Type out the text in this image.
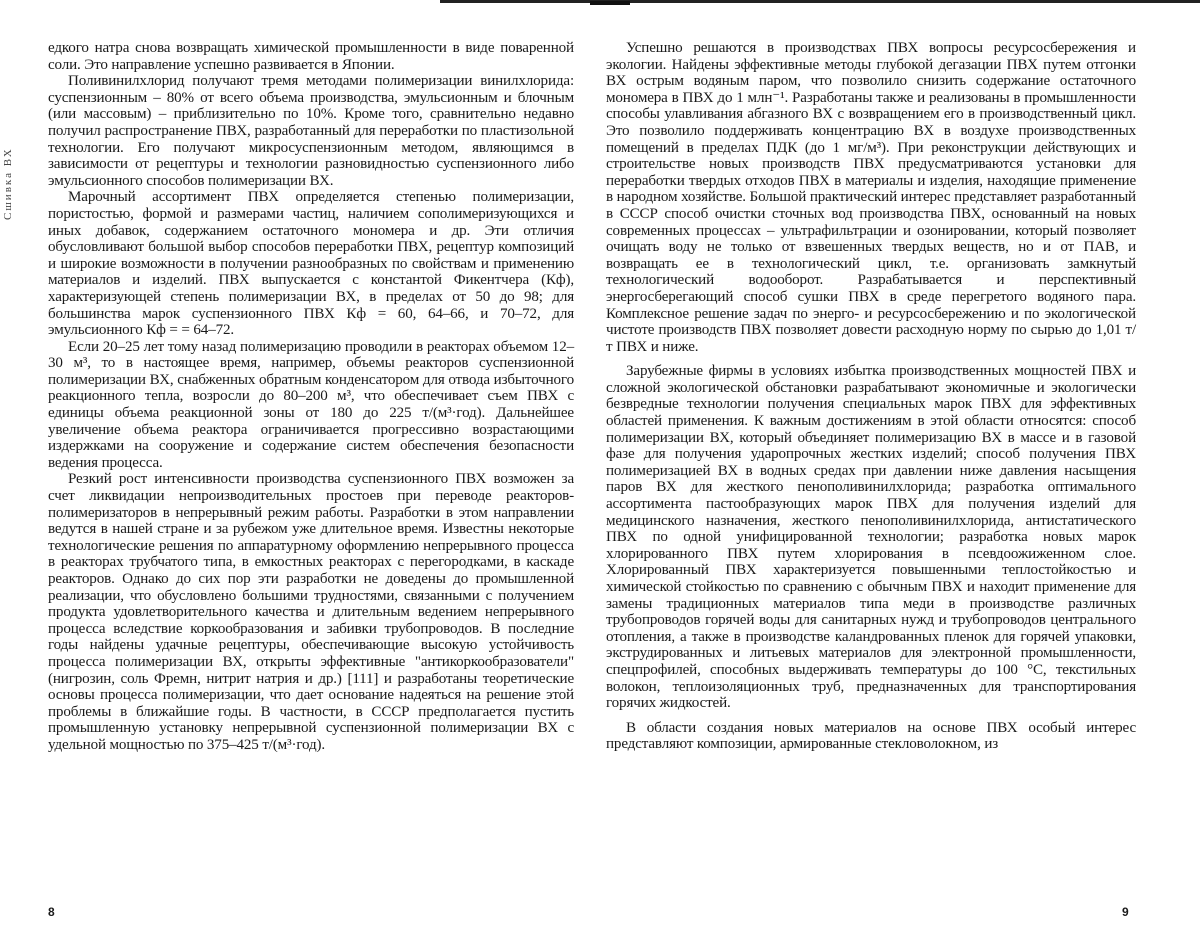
Сшивка ВХ

едкого натра снова возвращать химической промышленности в виде поваренной соли. Это направление успешно развивается в Японии.

Поливинилхлорид получают тремя методами полимеризации винилхлорида: суспензионным – 80% от всего объема производства, эмульсионным и блочным (или массовым) – приблизительно по 10%. Кроме того, сравнительно недавно получил распространение ПВХ, разработанный для переработки по пластизольной технологии. Его получают микросуспензионным методом, являющимся в зависимости от рецептуры и технологии разновидностью суспензионного либо эмульсионного способов полимеризации ВХ.

Марочный ассортимент ПВХ определяется степенью полимеризации, пористостью, формой и размерами частиц, наличием сополимеризующихся и иных добавок, содержанием остаточного мономера и др. Эти отличия обусловливают большой выбор способов переработки ПВХ, рецептур композиций и широкие возможности в получении разнообразных по свойствам и применению материалов и изделий. ПВХ выпускается с константой Фикентчера (Кф), характеризующей степень полимеризации ВХ, в пределах от 50 до 98; для большинства марок суспензионного ПВХ Кф = 60, 64–66, и 70–72, для эмульсионного Кф = = 64–72.

Если 20–25 лет тому назад полимеризацию проводили в реакторах объемом 12–30 м³, то в настоящее время, например, объемы реакторов суспензионной полимеризации ВХ, снабженных обратным конденсатором для отвода избыточного реакционного тепла, возросли до 80–200 м³, что обеспечивает съем ПВХ с единицы объема реакционной зоны от 180 до 225 т/(м³·год). Дальнейшее увеличение объема реактора ограничивается прогрессивно возрастающими издержками на сооружение и содержание систем обеспечения безопасности ведения процесса.

Резкий рост интенсивности производства суспензионного ПВХ возможен за счет ликвидации непроизводительных простоев при переводе реакторов-полимеризаторов в непрерывный режим работы. Разработки в этом направлении ведутся в нашей стране и за рубежом уже длительное время. Известны некоторые технологические решения по аппаратурному оформлению непрерывного процесса в реакторах трубчатого типа, в емкостных реакторах с перегородками, в каскаде реакторов. Однако до сих пор эти разработки не доведены до промышленной реализации, что обусловлено большими трудностями, связанными с получением продукта удовлетворительного качества и длительным ведением непрерывного процесса вследствие коркообразования и забивки трубопроводов. В последние годы найдены удачные рецептуры, обеспечивающие высокую устойчивость процесса полимеризации ВХ, открыты эффективные "антикоркообразователи" (нигрозин, соль Фремн, нитрит натрия и др.) [111] и разработаны теоретические основы процесса полимеризации, что дает основание надеяться на решение этой проблемы в ближайшие годы. В частности, в СССР предполагается пустить промышленную установку непрерывной суспензионной полимеризации ВХ с удельной мощностью по 375–425 т/(м³·год).

8

Успешно решаются в производствах ПВХ вопросы ресурсосбережения и экологии. Найдены эффективные методы глубокой дегазации ПВХ путем отгонки ВХ острым водяным паром, что позволило снизить содержание остаточного мономера в ПВХ до 1 млн⁻¹. Разработаны также и реализованы в промышленности способы улавливания абгазного ВХ с возвращением его в производственный цикл. Это позволило поддерживать концентрацию ВХ в воздухе производственных помещений в пределах ПДК (до 1 мг/м³). При реконструкции действующих и строительстве новых производств ПВХ предусматриваются установки для переработки твердых отходов ПВХ в материалы и изделия, находящие применение в народном хозяйстве. Большой практический интерес представляет разработанный в СССР способ очистки сточных вод производства ПВХ, основанный на новых современных процессах – ультрафильтрации и озонировании, который позволяет очищать воду не только от взвешенных твердых веществ, но и от ПАВ, и возвращать ее в технологический цикл, т.е. организовать замкнутый технологический водооборот. Разрабатывается и перспективный энергосберегающий способ сушки ПВХ в среде перегретого водяного пара. Комплексное решение задач по энерго- и ресурсосбережению и по экологической чистоте производств ПВХ позволяет довести расходную норму по сырью до 1,01 т/т ПВХ и ниже.

Зарубежные фирмы в условиях избытка производственных мощностей ПВХ и сложной экологической обстановки разрабатывают экономичные и экологически безвредные технологии получения специальных марок ПВХ для эффективных областей применения. К важным достижениям в этой области относятся: способ полимеризации ВХ, который объединяет полимеризацию ВХ в массе и в газовой фазе для получения ударопрочных жестких изделий; способ получения ПВХ полимеризацией ВХ в водных средах при давлении ниже давления насыщения паров ВХ для жесткого пенополивинилхлорида; разработка оптимального ассортимента пастообразующих марок ПВХ для получения изделий для медицинского назначения, жесткого пенополивинилхлорида, антистатического ПВХ по одной унифицированной технологии; разработка новых марок хлорированного ПВХ путем хлорирования в псевдоожиженном слое. Хлорированный ПВХ характеризуется повышенными теплостойкостью и химической стойкостью по сравнению с обычным ПВХ и находит применение для замены традиционных материалов типа меди в производстве различных трубопроводов горячей воды для санитарных нужд и трубопроводов центрального отопления, а также в производстве каландрованных пленок для горячей упаковки, экструдированных и литьевых материалов для электронной промышленности, спецпрофилей, способных выдерживать температуры до 100 °С, текстильных волокон, теплоизоляционных труб, предназначенных для транспортирования горячих жидкостей.

В области создания новых материалов на основе ПВХ особый интерес представляют композиции, армированные стекловолокном, из

9
